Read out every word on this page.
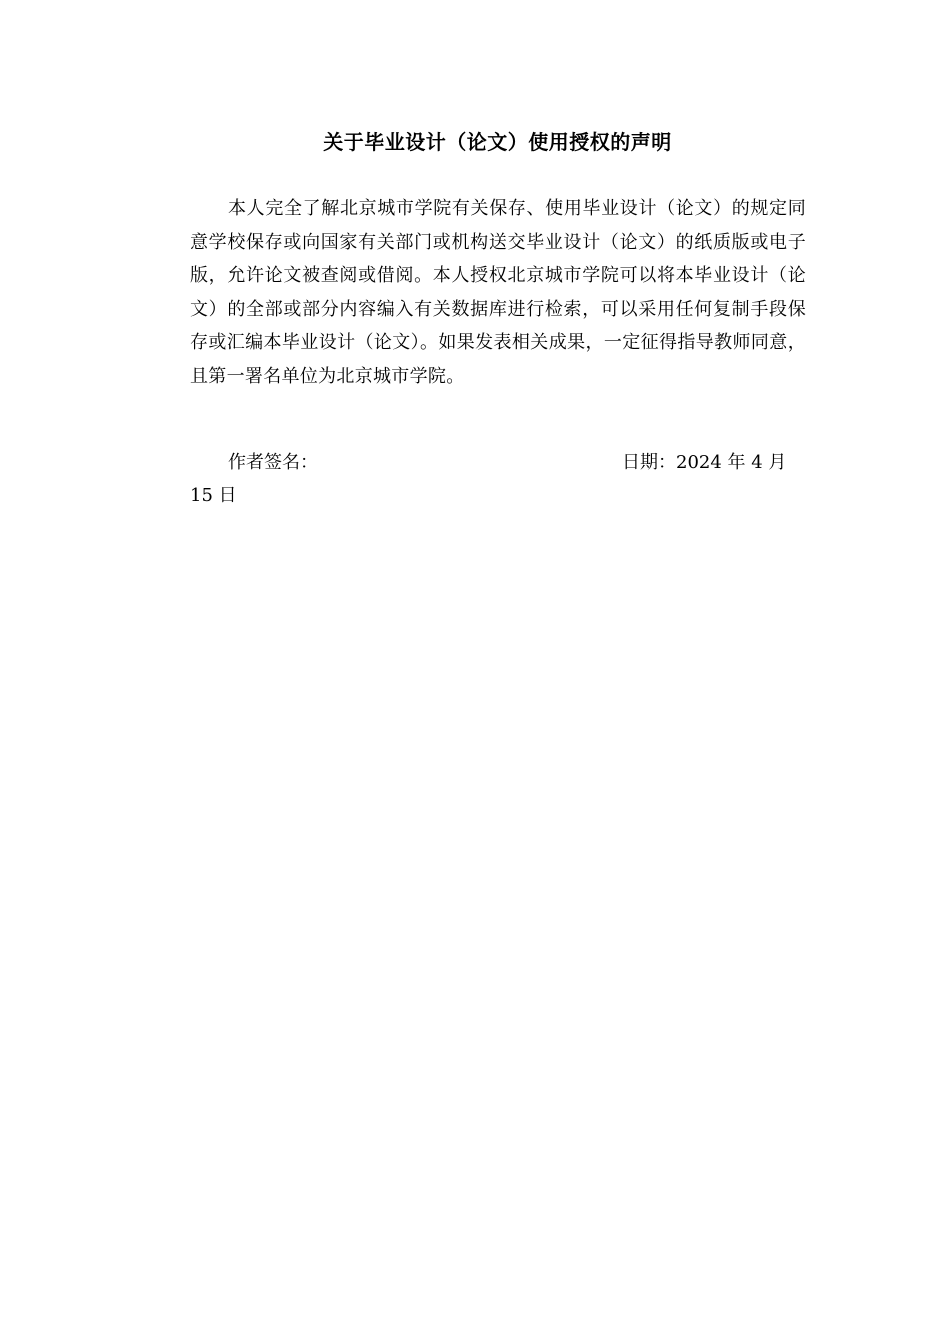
关于毕业设计（论文）使用授权的声明

本人完全了解北京城市学院有关保存、使用毕业设计（论文）的规定同意学校保存或向国家有关部门或机构送交毕业设计（论文）的纸质版或电子版，允许论文被查阅或借阅。本人授权北京城市学院可以将本毕业设计（论文）的全部或部分内容编入有关数据库进行检索，可以采用任何复制手段保存或汇编本毕业设计（论文）。如果发表相关成果，一定征得指导教师同意，且第一署名单位为北京城市学院。

作者签名：	日期：2024 年 4 月
15 日
